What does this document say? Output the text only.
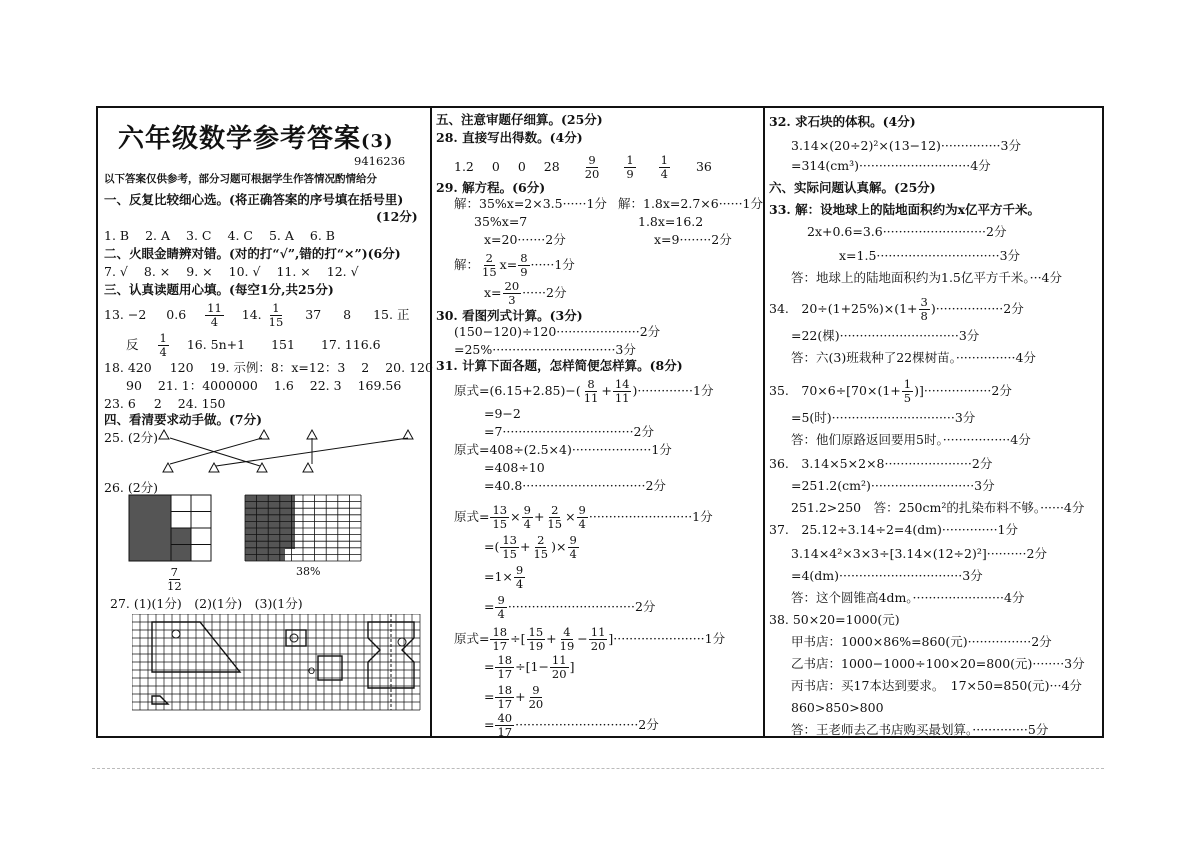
六年级数学参考答案(3)
9416236
以下答案仅供参考，部分习题可根据学生作答情况酌情给分
一、反复比较细心选。(将正确答案的序号填在括号里)
(12分)
1. B 2. A 3. C 4. C 5. A 6. B
二、火眼金睛辨对错。(对的打“√”,错的打“×”)(6分)
7. √ 8. × 9. × 10. √ 11. × 12. √
三、认真读题用心填。(每空1分,共25分)
13. −2 $0.6 \frac{11}{4} 14$. $\frac{1}{15} 37$ 8 15. 正
反 $\frac{1}{4} 16$. 5n+1 151 17. 116.6
18. 420 120 19. 示例：8：x=12：3 2 20. 120
90 21. 1：4000000 1.6 22. 3 169.56
23. 6 2 24. 150
四、看清要求动手做。(7分)
25. (2分)
26. (2分)
$\frac{7}{12}$	38%
27. (1)(1分)　(2)(1分)　(3)(1分)
O
五、注意审题仔细算。(25分)
28. 直接写出得数。(4分)
1.2 0 0 $28 \frac{9}{20}$
$\frac{1}{9}$
$\frac{1}{4} 36$
29. 解方程。(6分)
解：35%x=2×3.5······1分
35%x=7
x=20·······2分
解：1.8x=2.7×6······1分
1.8x=16.2
x=9········2分
解： $\frac{2}{15} x= \frac{8}{9} \cdot\cdot\cdot\cdot\cdot\cdot 1$分
$x= \frac{20}{3} \cdot\cdot\cdot\cdot\cdot\cdot 2$分
30. 看图列式计算。(3分)
(150−120)÷120·····················2分
=25%·······························3分
31. 计算下面各题，怎样简便怎样算。(8分)
原式$=(6.15+2.85)-( \frac{8}{11} + \frac{14}{11} )\cdot\cdot\cdot\cdot\cdot\cdot\cdot\cdot\cdot\cdot\cdot\cdot\cdot\cdot 1$分
=9−2
=7·································2分
原式=408÷(2.5×4)····················1分
=408÷10
=40.8·······························2分
原式= $\frac{13}{15} \times \frac{9}{4} + \frac{2}{15} \times \frac{9}{4} \cdot\cdot\cdot\cdot\cdot\cdot\cdot\cdot\cdot\cdot\cdot\cdot\cdot\cdot\cdot\cdot\cdot\cdot\cdot\cdot\cdot\cdot\cdot\cdot\cdot\cdot 1$分
=( $\frac{13}{15} + \frac{2}{15}$ )× $\frac{9}{4}$
$=1\times \frac{9}{4}$
= $\frac{9}{4} \cdot\cdot\cdot\cdot\cdot\cdot\cdot\cdot\cdot\cdot\cdot\cdot\cdot\cdot\cdot\cdot\cdot\cdot\cdot\cdot\cdot\cdot\cdot\cdot\cdot\cdot\cdot\cdot\cdot\cdot\cdot\cdot 2$分
原式= $\frac{18}{17}$ ÷[ $\frac{15}{19} + \frac{4}{19} - \frac{11}{20} ]\cdot\cdot\cdot\cdot\cdot\cdot\cdot\cdot\cdot\cdot\cdot\cdot\cdot\cdot\cdot\cdot\cdot\cdot\cdot\cdot\cdot\cdot\cdot 1$分
= $\frac{18}{17} \div[1- \frac{11}{20}$ ]
= $\frac{18}{17} + \frac{9}{20}$
= $\frac{40}{17} \cdot\cdot\cdot\cdot\cdot\cdot\cdot\cdot\cdot\cdot\cdot\cdot\cdot\cdot\cdot\cdot\cdot\cdot\cdot\cdot\cdot\cdot\cdot\cdot\cdot\cdot\cdot\cdot\cdot\cdot\cdot 2$分
32. 求石块的体积。(4分)
3.14×(20÷2)²×(13−12)···············3分
=314(cm³)····························4分
六、实际问题认真解。(25分)
33. 解：设地球上的陆地面积约为x亿平方千米。
2x+0.6=3.6··························2分
x=1.5·······························3分
答：地球上的陆地面积约为1.5亿平方千米。···4分
34.　$20\div(1+25\%)\times(1+ \frac{3}{8} )\cdot\cdot\cdot\cdot\cdot\cdot\cdot\cdot\cdot\cdot\cdot\cdot\cdot\cdot\cdot\cdot\cdot 2$分
=22(棵)······························3分
答：六(3)班栽种了22棵树苗。···············4分
35.　$70\times 6\div[70\times(1+ \frac{1}{5} )]\cdot\cdot\cdot\cdot\cdot\cdot\cdot\cdot\cdot\cdot\cdot\cdot\cdot\cdot\cdot\cdot\cdot 2$分
=5(时)·······························3分
答：他们原路返回要用5时。·················4分
36.　3.14×5×2×8······················2分
=251.2(cm²)··························3分
251.2>250　答：250cm²的扎染布料不够。······4分
37.　25.12÷3.14÷2=4(dm)··············1分
3.14×4²×3×3÷[3.14×(12÷2)²]··········2分
=4(dm)·······························3分
答：这个圆锥高4dm。·······················4分
38. 50×20=1000(元)
甲书店：1000×86%=860(元)················2分
乙书店：1000−1000÷100×20=800(元)········3分
丙书店：买17本达到要求。　17×50=850(元)···4分
860>850>800
答：王老师去乙书店购买最划算。··············5分
